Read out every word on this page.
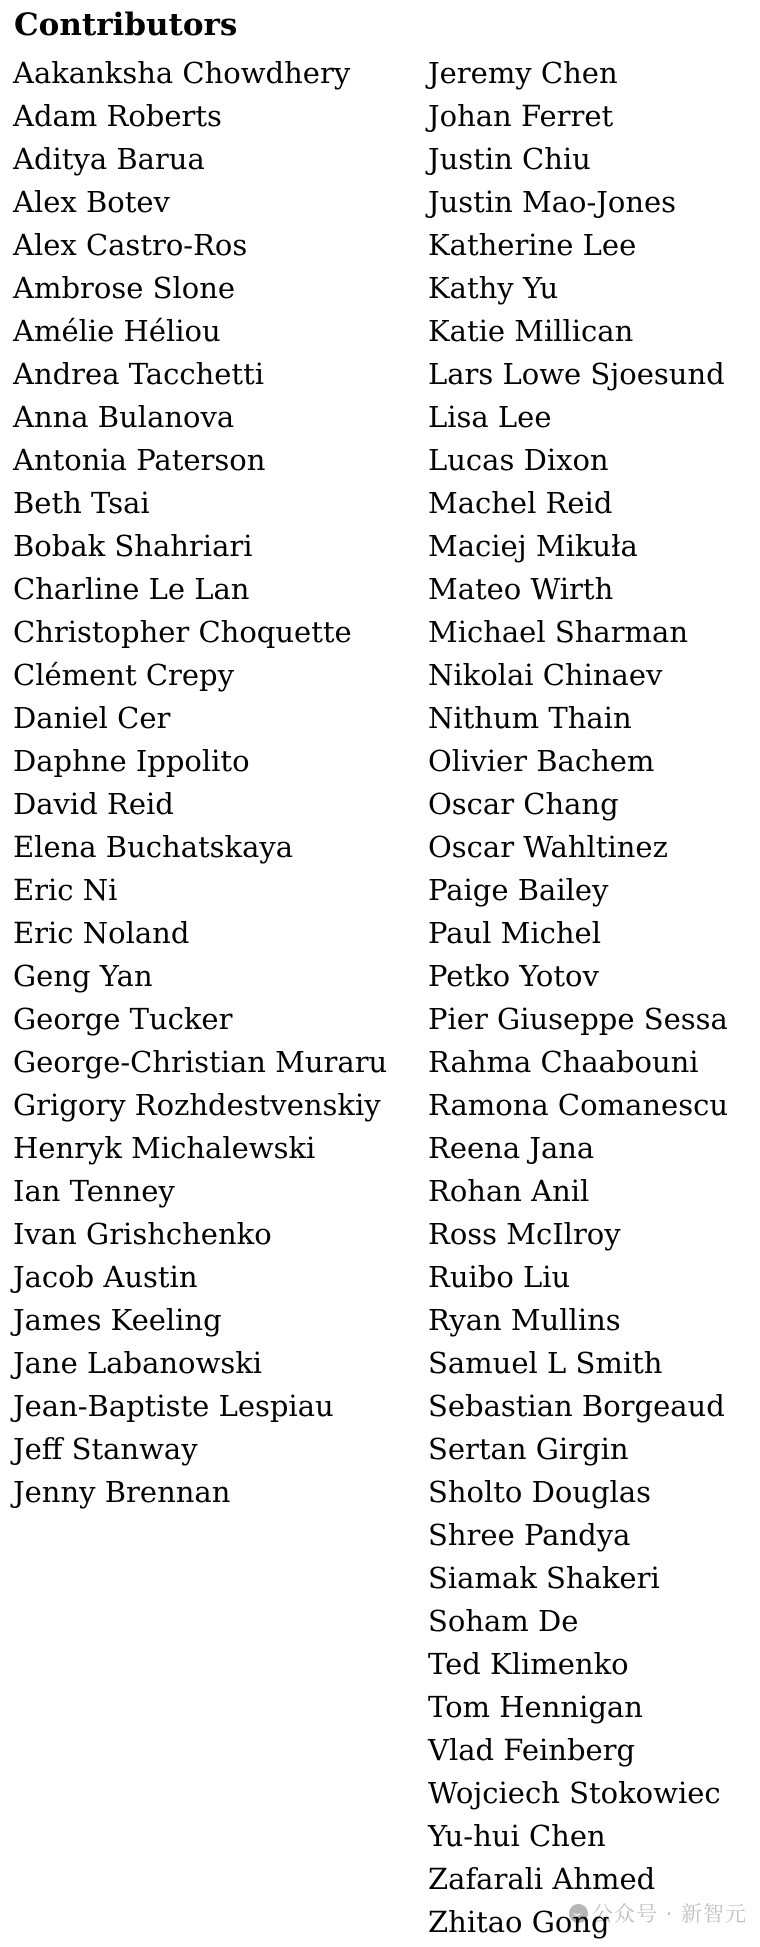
Contributors
Aakanksha Chowdhery
Adam Roberts
Aditya Barua
Alex Botev
Alex Castro-Ros
Ambrose Slone
Amélie Héliou
Andrea Tacchetti
Anna Bulanova
Antonia Paterson
Beth Tsai
Bobak Shahriari
Charline Le Lan
Christopher Choquette
Clément Crepy
Daniel Cer
Daphne Ippolito
David Reid
Elena Buchatskaya
Eric Ni
Eric Noland
Geng Yan
George Tucker
George-Christian Muraru
Grigory Rozhdestvenskiy
Henryk Michalewski
Ian Tenney
Ivan Grishchenko
Jacob Austin
James Keeling
Jane Labanowski
Jean-Baptiste Lespiau
Jeff Stanway
Jenny Brennan
Jeremy Chen
Johan Ferret
Justin Chiu
Justin Mao-Jones
Katherine Lee
Kathy Yu
Katie Millican
Lars Lowe Sjoesund
Lisa Lee
Lucas Dixon
Machel Reid
Maciej Mikuła
Mateo Wirth
Michael Sharman
Nikolai Chinaev
Nithum Thain
Olivier Bachem
Oscar Chang
Oscar Wahltinez
Paige Bailey
Paul Michel
Petko Yotov
Pier Giuseppe Sessa
Rahma Chaabouni
Ramona Comanescu
Reena Jana
Rohan Anil
Ross McIlroy
Ruibo Liu
Ryan Mullins
Samuel L Smith
Sebastian Borgeaud
Sertan Girgin
Sholto Douglas
Shree Pandya
Siamak Shakeri
Soham De
Ted Klimenko
Tom Hennigan
Vlad Feinberg
Wojciech Stokowiec
Yu-hui Chen
Zafarali Ahmed
Zhitao Gong
公众号 · 新智元
